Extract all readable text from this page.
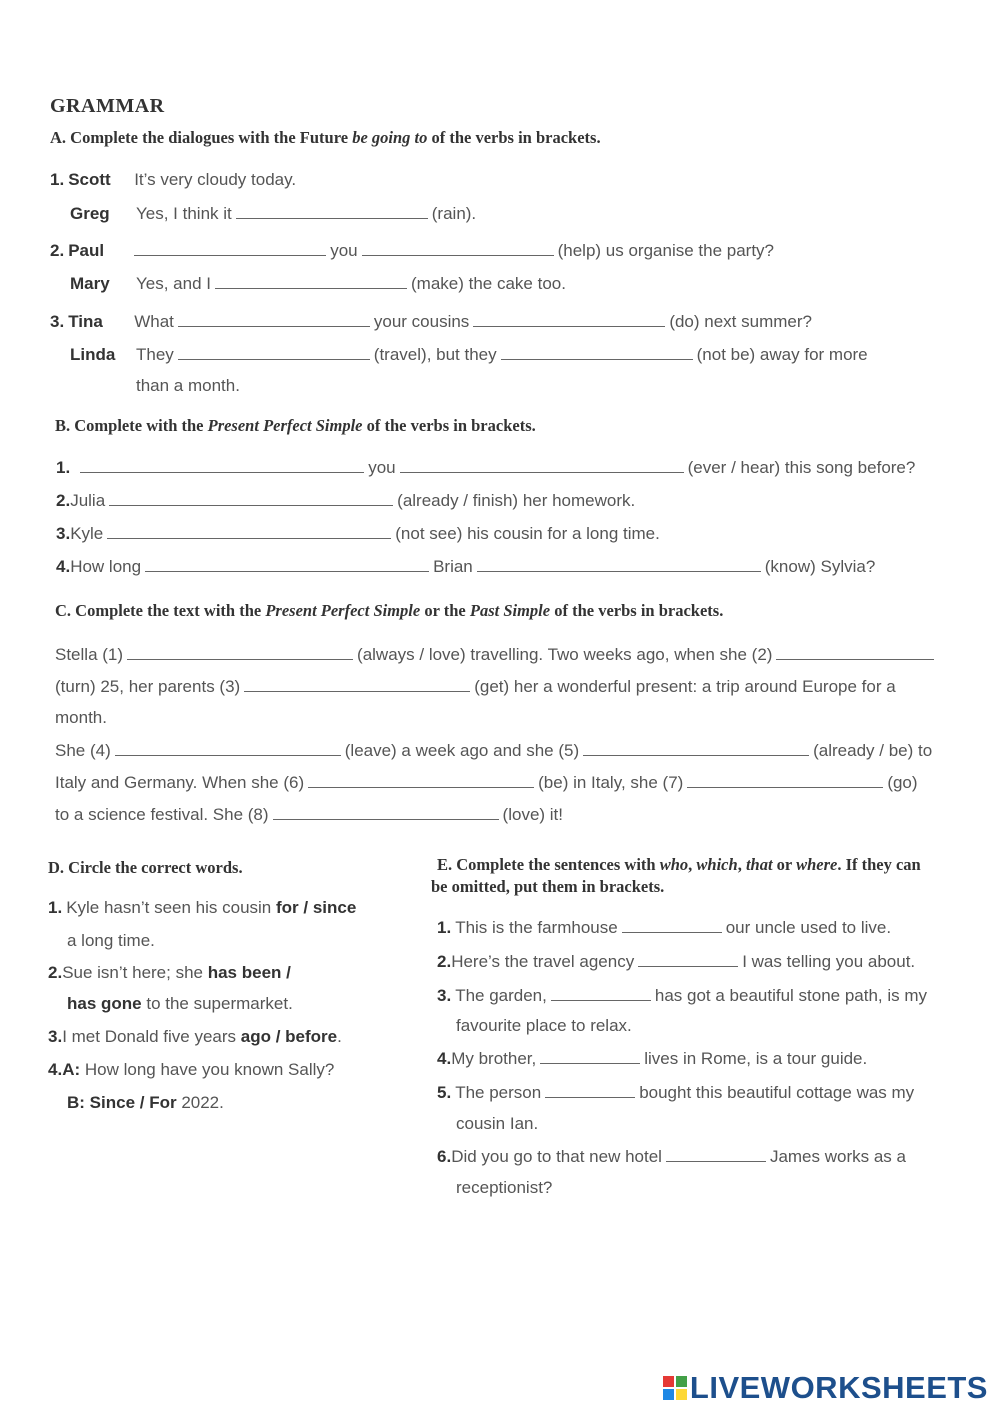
GRAMMAR
A. Complete the dialogues with the Future be going to of the verbs in brackets.
1. Scott It’s very cloudy today.
Greg Yes, I think it	(rain).
2. Paul	you	(help) us organise the party?
Mary Yes, and I	(make) the cake too.
3. Tina What	your cousins	(do) next summer?
Linda They	(travel), but they	(not be) away for more
than a month.
B. Complete with the Present Perfect Simple of the verbs in brackets.
1.	you	(ever / hear) this song before?
2.Julia	(already / finish) her homework.
3.Kyle	(not see) his cousin for a long time.
4.How long	Brian	(know) Sylvia?
C. Complete the text with the Present Perfect Simple or the Past Simple of the verbs in brackets.
Stella (1)	(always / love) travelling. Two weeks ago, when she (2)
(turn) 25, her parents (3)	(get) her a wonderful present: a trip around Europe for a
month.
She (4)	(leave) a week ago and she (5)	(already / be) to
Italy and Germany. When she (6)	(be) in Italy, she (7)	(go)
to a science festival. She (8)	(love) it!
D. Circle the correct words.
1. Kyle hasn’t seen his cousin for / since
a long time.
2.Sue isn’t here; she has been /
has gone to the supermarket.
3.I met Donald five years ago / before.
4.A: How long have you known Sally?
B: Since / For 2022.
E. Complete the sentences with who, which, that or where. If they can
be omitted, put them in brackets.
1. This is the farmhouse	our uncle used to live.
2.Here’s the travel agency	I was telling you about.
3. The garden,	has got a beautiful stone path, is my
favourite place to relax.
4.My brother,	lives in Rome, is a tour guide.
5. The person	bought this beautiful cottage was my
cousin Ian.
6.Did you go to that new hotel	James works as a
receptionist?
LIVEWORKSHEETS
